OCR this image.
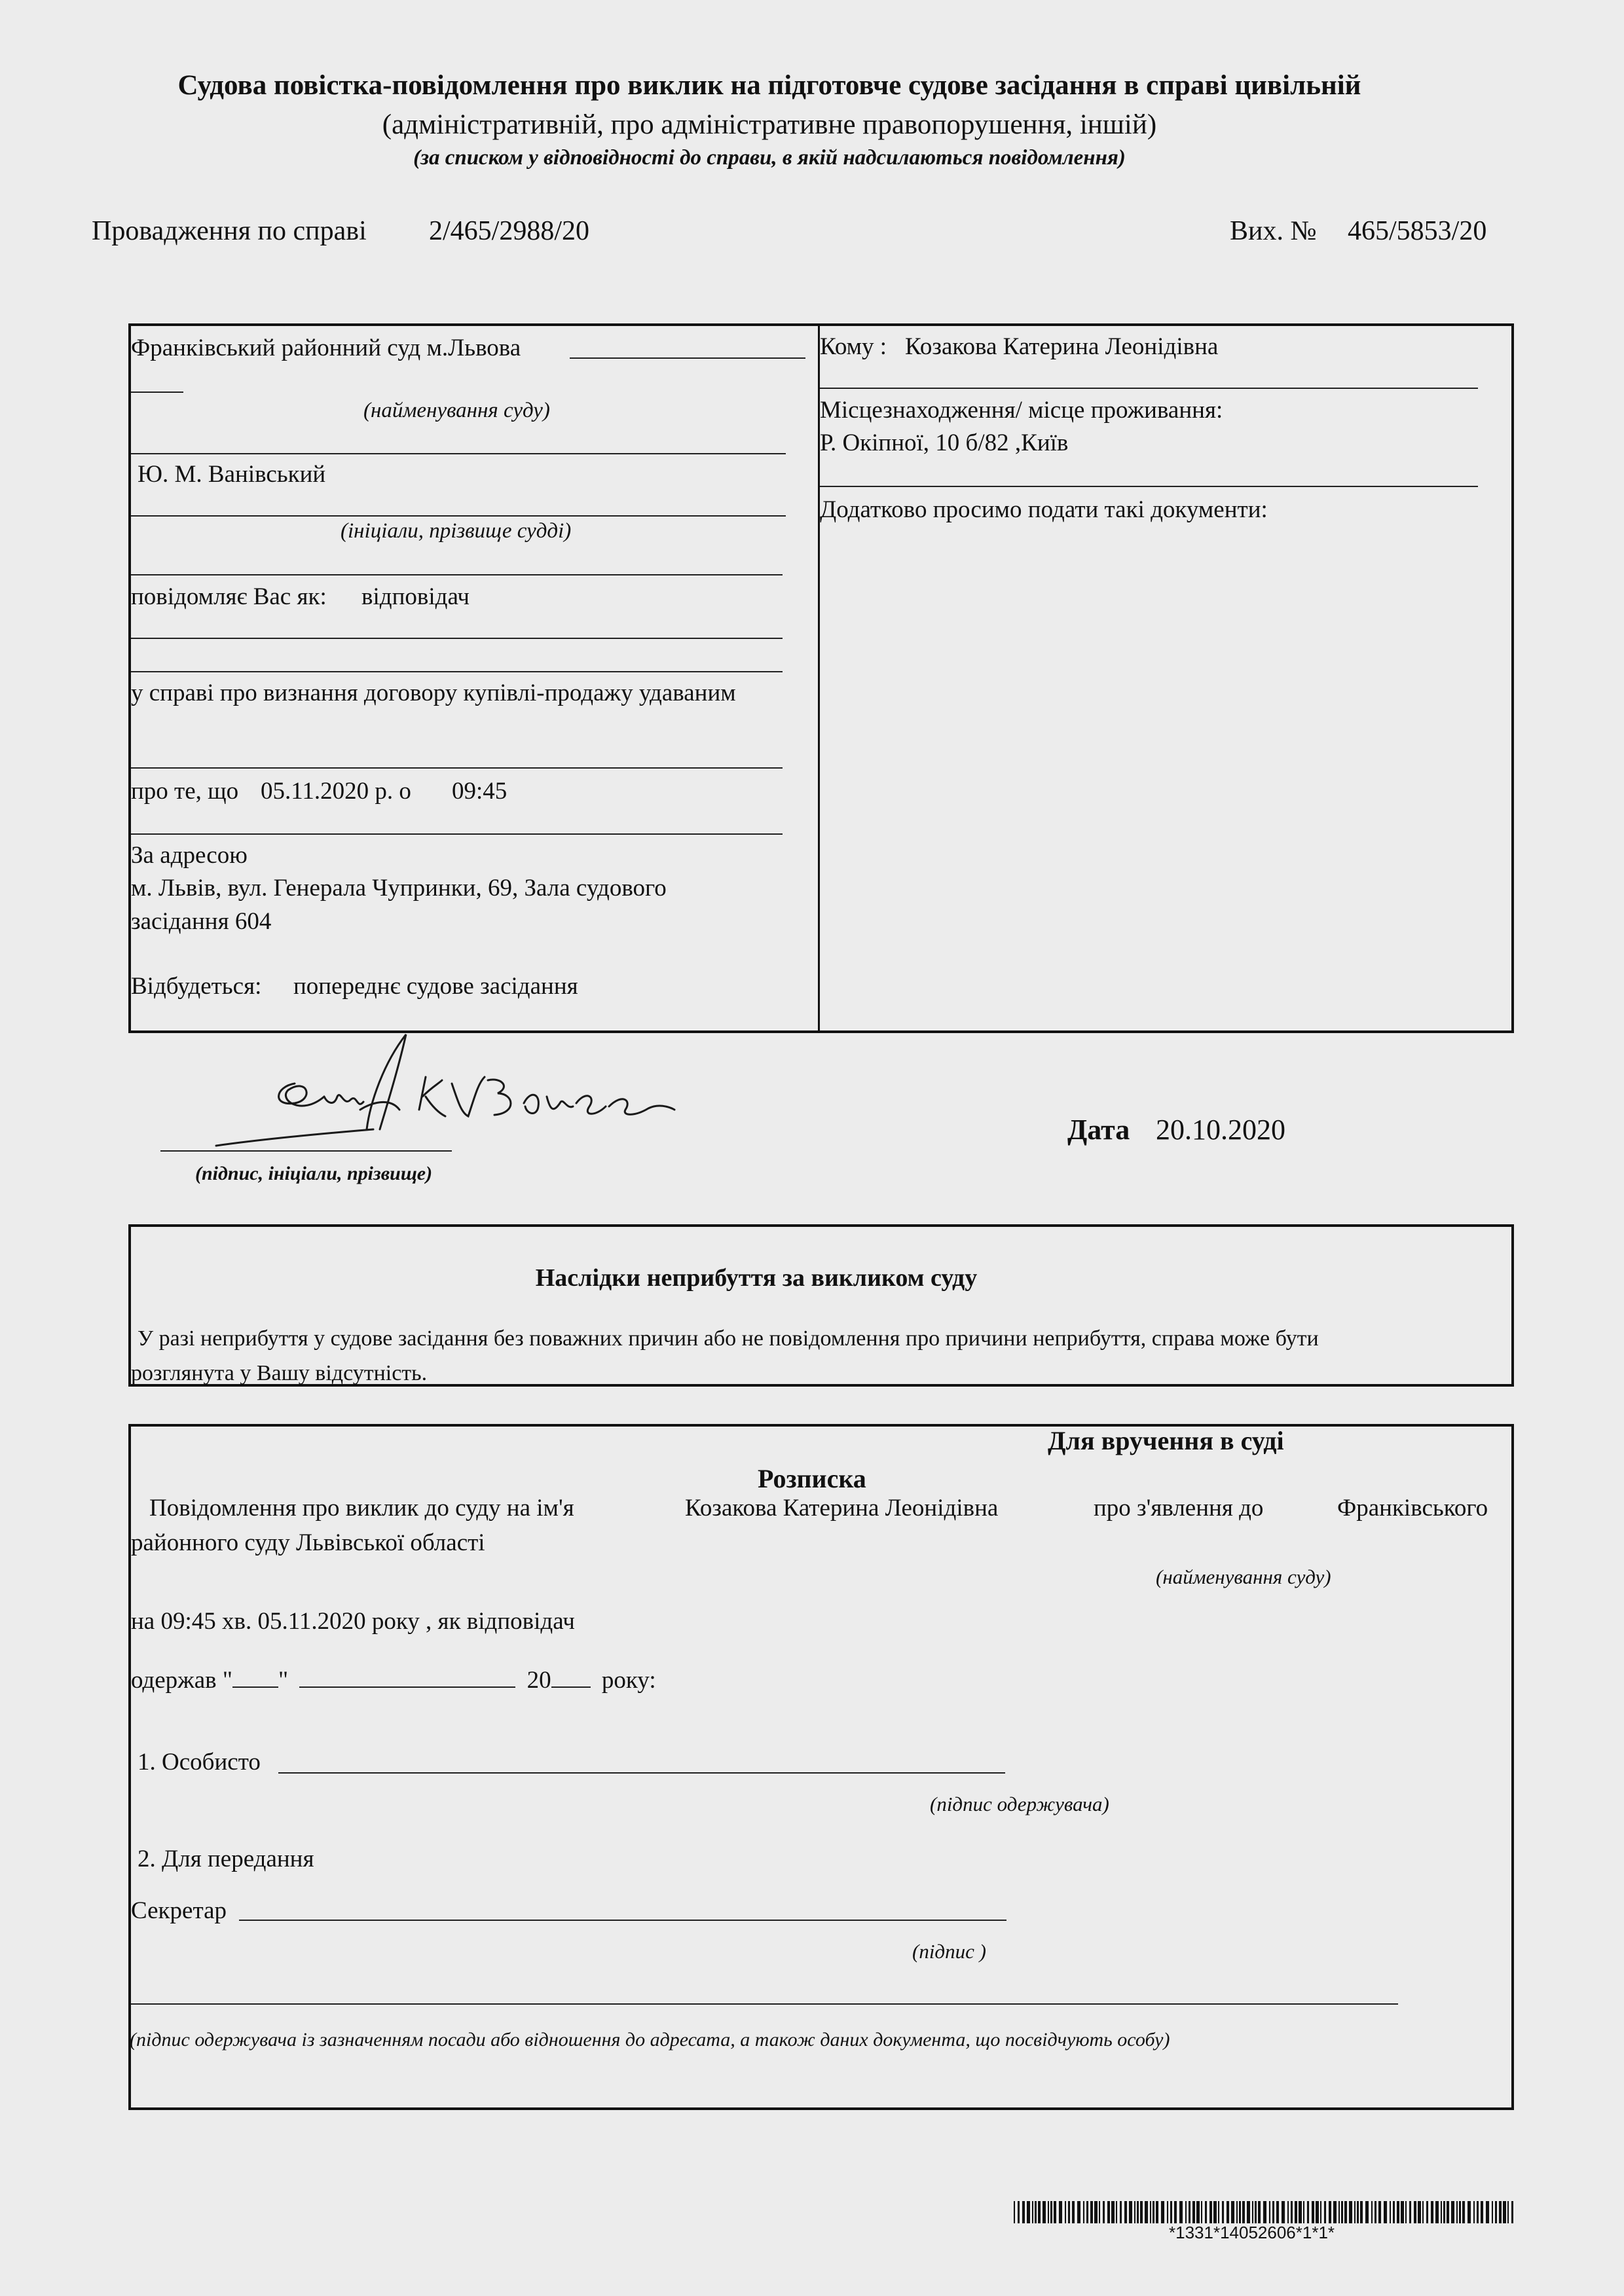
Судова повістка-повідомлення про виклик на підготовче судове засідання в справі цивільній
(адміністративній, про адміністративне правопорушення, іншій)
(за списком у відповідності до справи, в якій надсилаються повідомлення)
Провадження по справі 2/465/2988/20	Вих. № 465/5853/20
Франківський районний суд м.Львова
(найменування суду)
Ю. М. Ванівський
(ініціали, прізвище судді)
повідомляє Вас як: відповідач
у справі про визнання договору купівлі-продажу удаваним
про те, що 05.11.2020 р. о 09:45
За адресою
м. Львів, вул. Генерала Чупринки, 69, Зала судового
засідання 604
Відбудеться: попереднє судове засідання
Кому : Козакова Катерина Леонідівна
Місцезнаходження/ місце проживання:
Р. Окіпної, 10 б/82 ,Київ
Додатково просимо подати такі документи:
(підпис, ініціали, прізвище)
Дата 20.10.2020
Наслідки неприбуття за викликом суду
У разі неприбуття у судове засідання без поважних причин або не повідомлення про причини неприбуття, справа може бути
розглянута у Вашу відсутність.
Для вручення в суді
Розписка
Повідомлення про виклик до суду на ім'я	Козакова Катерина Леонідівна	про з'явлення до	Франківського
районного суду Львівської області
(найменування суду)
на 09:45 хв. 05.11.2020 року , як відповідач
одержав " "	20 року:
1. Особисто
(підпис одержувача)
2. Для передання
Секретар
(підпис )
(підпис одержувача із зазначенням посади або відношення до адресата, а також даних документа, що посвідчують особу)
*1331*14052606*1*1*
